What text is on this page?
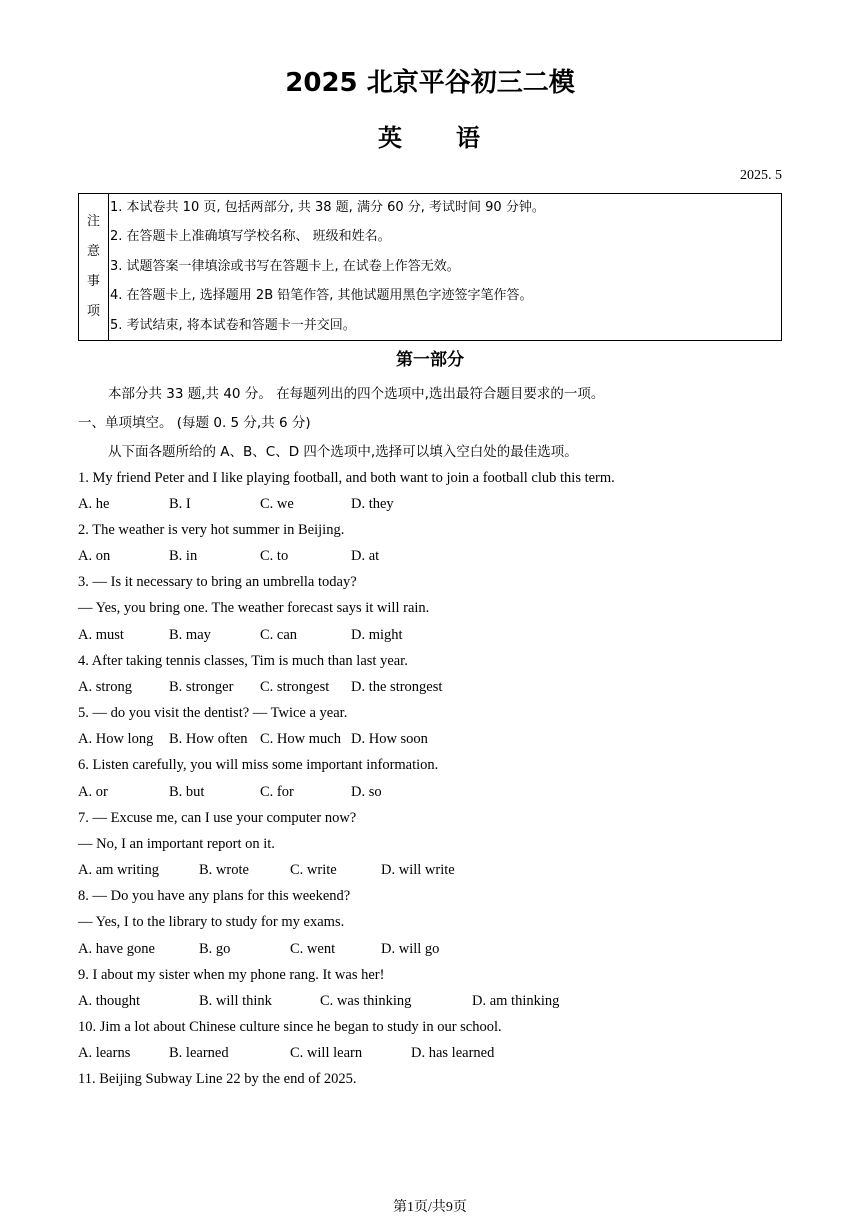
2025 北京平谷初三二模
英 语
2025. 5
注
意
事
项
1. 本试卷共 10 页, 包括两部分, 共 38 题, 满分 60 分, 考试时间 90 分钟。
2. 在答题卡上准确填写学校名称、 班级和姓名。
3. 试题答案一律填涂或书写在答题卡上, 在试卷上作答无效。
4. 在答题卡上, 选择题用 2B 铅笔作答, 其他试题用黑色字迹签字笔作答。
5. 考试结束, 将本试卷和答题卡一并交回。
第一部分
本部分共 33 题,共 40 分。 在每题列出的四个选项中,选出最符合题目要求的一项。
一、单项填空。 (每题 0. 5 分,共 6 分)
从下面各题所给的 A、B、C、D 四个选项中,选择可以填入空白处的最佳选项。
1. My friend Peter and I like playing football, and both want to join a football club this term.
A. he	B. I	C. we	D. they
2. The weather is very hot summer in Beijing.
A. on	B. in	C. to	D. at
3. — Is it necessary to bring an umbrella today?
— Yes, you bring one. The weather forecast says it will rain.
A. must	B. may	C. can	D. might
4. After taking tennis classes, Tim is much than last year.
A. strong	B. stronger C. strongest D. the strongest
5. — do you visit the dentist? — Twice a year.
A. How long B. How often C. How much D. How soon
6. Listen carefully, you will miss some important information.
A. or	B. but	C. for	D. so
7. — Excuse me, can I use your computer now?
— No, I an important report on it.
A. am writing	B. wrote	C. write	D. will write
8. — Do you have any plans for this weekend?
— Yes, I to the library to study for my exams.
A. have gone	B. go	C. went	D. will go
9. I about my sister when my phone rang. It was her!
A. thought	B. will think	C. was thinking	D. am thinking
10. Jim a lot about Chinese culture since he began to study in our school.
A. learns	B. learned	C. will learn	D. has learned
11. Beijing Subway Line 22 by the end of 2025.
第1页/共9页
